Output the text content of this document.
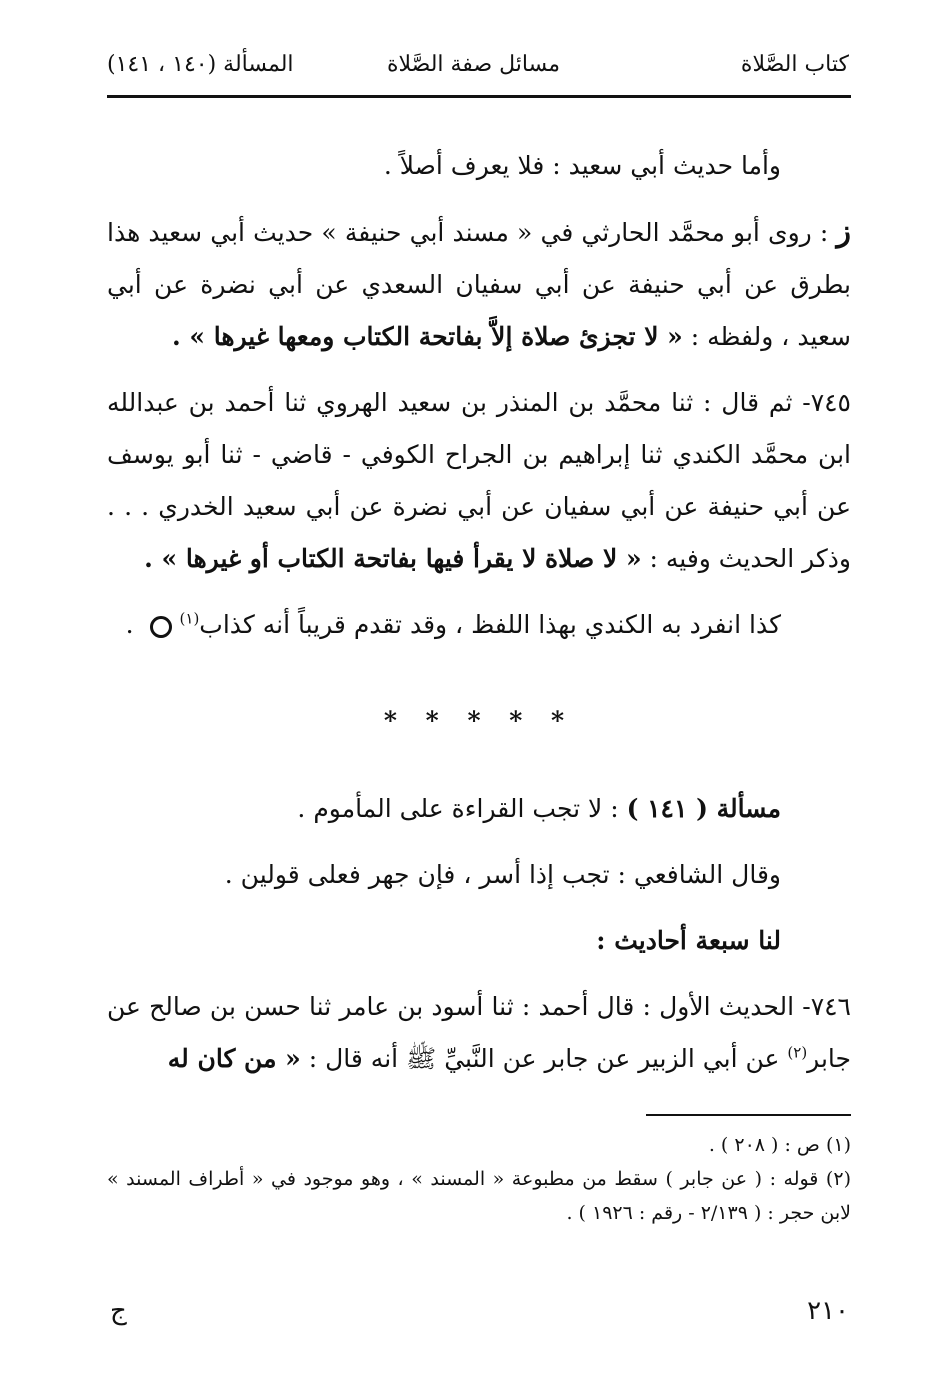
كتاب الصَّلاة
مسائل صفة الصَّلاة
المسألة (١٤٠ ، ١٤١)

وأما حديث أبي سعيد : فلا يعرف أصلاً .

ز : روى أبو محمَّد الحارثي في « مسند أبي حنيفة » حديث أبي سعيد هذا بطرق عن أبي حنيفة عن أبي سفيان السعدي عن أبي نضرة عن أبي سعيد ، ولفظه : « لا تجزئ صلاة إلاَّ بفاتحة الكتاب ومعها غيرها » .

٧٤٥- ثم قال : ثنا محمَّد بن المنذر بن سعيد الهروي ثنا أحمد بن عبدالله ابن محمَّد الكندي ثنا إبراهيم بن الجراح الكوفي - قاضي - ثنا أبو يوسف عن أبي حنيفة عن أبي سفيان عن أبي نضرة عن أبي سعيد الخدري . . . وذكر الحديث وفيه : « لا صلاة لا يقرأ فيها بفاتحة الكتاب أو غيرها » .

كذا انفرد به الكندي بهذا اللفظ ، وقد تقدم قريباً أنه كذاب$^{(١)}$ .

* * * * *

مسألة ( ١٤١ ) : لا تجب القراءة على المأموم .

وقال الشافعي : تجب إذا أسر ، فإن جهر فعلى قولين .

لنا سبعة أحاديث :

٧٤٦- الحديث الأول : قال أحمد : ثنا أسود بن عامر ثنا حسن بن صالح عن جابر$^{(٢)}$ عن أبي الزبير عن جابر عن النَّبيِّ ﷺ أنه قال : « من كان له

(١) ص : ( ٢٠٨ ) .

(٢) قوله : ( عن جابر ) سقط من مطبوعة « المسند » ، وهو موجود في « أطراف المسند » لابن حجر : ( ٢/١٣٩ - رقم : ١٩٢٦ ) .

٢١٠
ج
